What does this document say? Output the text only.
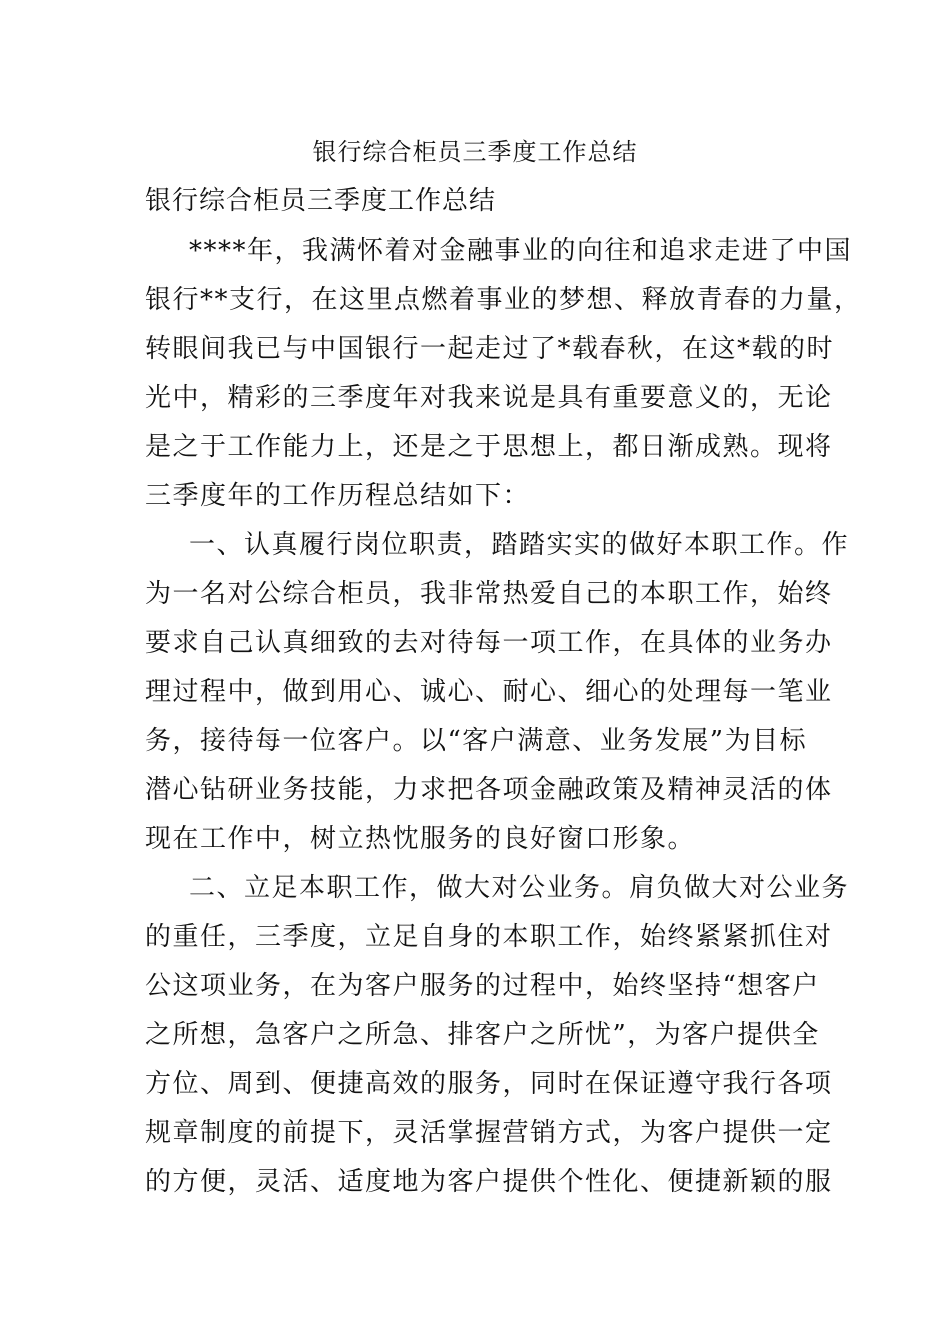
银行综合柜员三季度工作总结
银行综合柜员三季度工作总结

****年，我满怀着对金融事业的向往和追求走进了中国
银行**支行，在这里点燃着事业的梦想、释放青春的力量，
转眼间我已与中国银行一起走过了*载春秋，在这*载的时
光中，精彩的三季度年对我来说是具有重要意义的，无论
是之于工作能力上，还是之于思想上，都日渐成熟。现将
三季度年的工作历程总结如下：

一、认真履行岗位职责，踏踏实实的做好本职工作。作
为一名对公综合柜员，我非常热爱自己的本职工作，始终
要求自己认真细致的去对待每一项工作，在具体的业务办
理过程中，做到用心、诚心、耐心、细心的处理每一笔业
务，接待每一位客户。以“客户满意、业务发展”为目标
潜心钻研业务技能，力求把各项金融政策及精神灵活的体
现在工作中，树立热忱服务的良好窗口形象。

二、立足本职工作，做大对公业务。肩负做大对公业务
的重任，三季度，立足自身的本职工作，始终紧紧抓住对
公这项业务，在为客户服务的过程中，始终坚持“想客户
之所想，急客户之所急、排客户之所忧”，为客户提供全
方位、周到、便捷高效的服务，同时在保证遵守我行各项
规章制度的前提下，灵活掌握营销方式，为客户提供一定
的方便，灵活、适度地为客户提供个性化、便捷新颖的服
